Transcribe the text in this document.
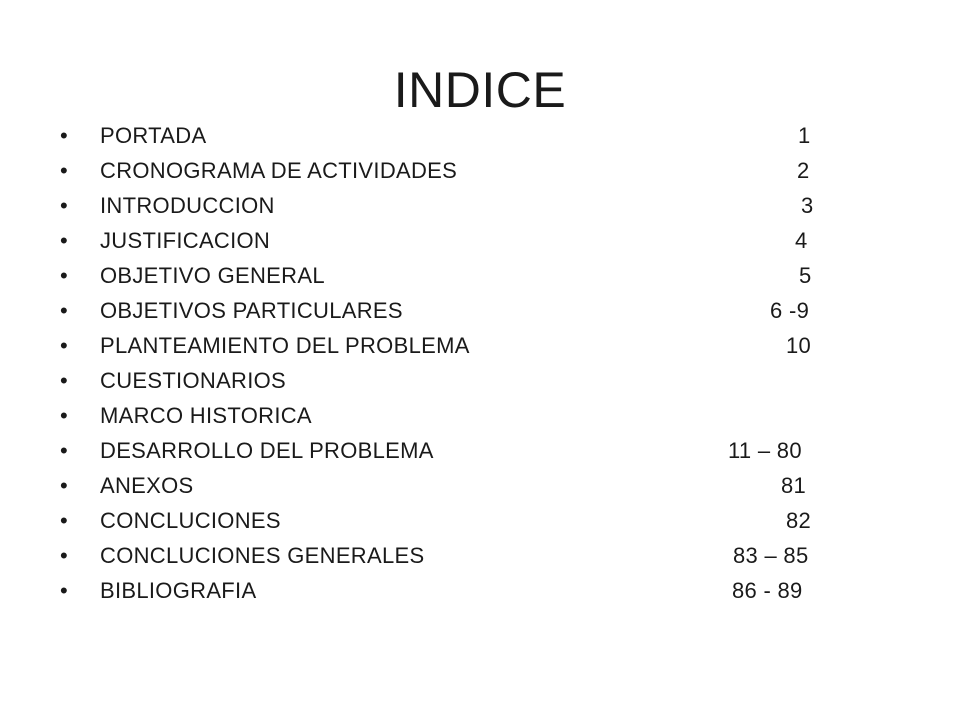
INDICE
• PORTADA	1
• CRONOGRAMA DE ACTIVIDADES	2
• INTRODUCCION	3
• JUSTIFICACION	4
• OBJETIVO GENERAL	5
• OBJETIVOS PARTICULARES	6 -9
• PLANTEAMIENTO DEL PROBLEMA	10
• CUESTIONARIOS
• MARCO HISTORICA
• DESARROLLO DEL PROBLEMA	11 – 80
• ANEXOS	81
• CONCLUCIONES	82
• CONCLUCIONES GENERALES	83 – 85
• BIBLIOGRAFIA	86 - 89
